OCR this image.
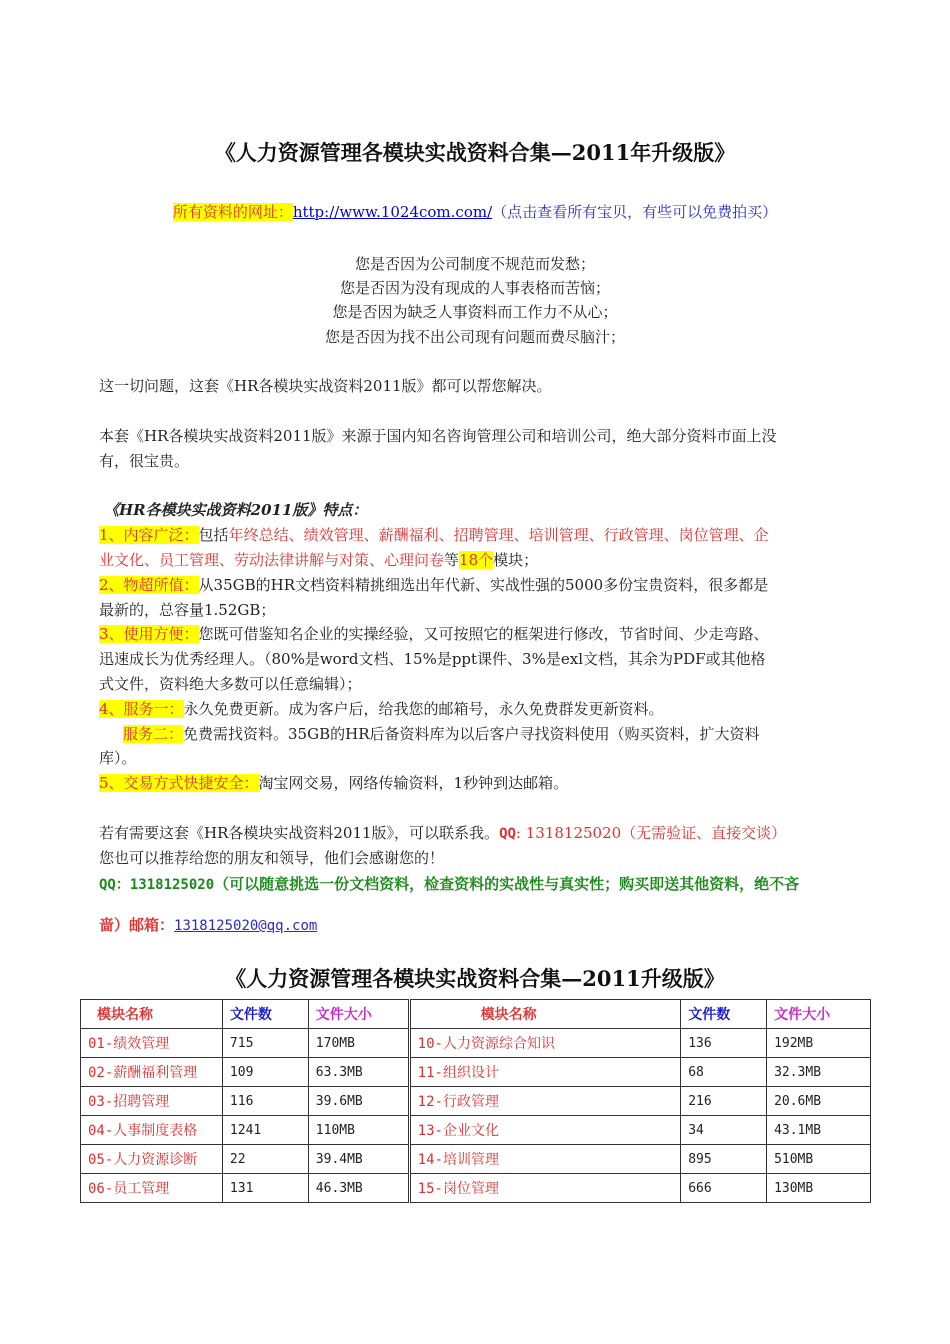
《人力资源管理各模块实战资料合集—2011年升级版》
所有资料的网址：http://www.1024com.com/（点击查看所有宝贝，有些可以免费拍买）
您是否因为公司制度不规范而发愁；
您是否因为没有现成的人事表格而苦恼；
您是否因为缺乏人事资料而工作力不从心；
您是否因为找不出公司现有问题而费尽脑汁；
这一切问题，这套《HR各模块实战资料2011版》都可以帮您解决。
本套《HR各模块实战资料2011版》来源于国内知名咨询管理公司和培训公司，绝大部分资料市面上没
有，很宝贵。
《HR各模块实战资料2011版》特点：
1、内容广泛：包括年终总结、绩效管理、薪酬福利、招聘管理、培训管理、行政管理、岗位管理、企
业文化、员工管理、劳动法律讲解与对策、心理问卷等18个模块；
2、物超所值：从35GB的HR文档资料精挑细选出年代新、实战性强的5000多份宝贵资料，很多都是
最新的，总容量1.52GB；
3、使用方便：您既可借鉴知名企业的实操经验，又可按照它的框架进行修改，节省时间、少走弯路、
迅速成长为优秀经理人。（80%是word文档、15%是ppt课件、3%是exl文档，其余为PDF或其他格
式文件，资料绝大多数可以任意编辑）；
4、服务一：永久免费更新。成为客户后，给我您的邮箱号，永久免费群发更新资料。
服务二：免费需找资料。35GB的HR后备资料库为以后客户寻找资料使用（购买资料，扩大资料
库）。
5、交易方式快捷安全：淘宝网交易，网络传输资料，1秒钟到达邮箱。
若有需要这套《HR各模块实战资料2011版》，可以联系我。QQ: 1318125020（无需验证、直接交谈）
您也可以推荐给您的朋友和领导，他们会感谢您的！
QQ：1318125020（可以随意挑选一份文档资料，检查资料的实战性与真实性；购买即送其他资料，绝不吝
啬）邮箱：1318125020@qq.com
《人力资源管理各模块实战资料合集—2011升级版》
模块名称	文件数	文件大小	模块名称	文件数	文件大小
01-绩效管理	715	170MB	10-人力资源综合知识	136	192MB
02-薪酬福利管理	109	63.3MB	11-组织设计	68	32.3MB
03-招聘管理	116	39.6MB	12-行政管理	216	20.6MB
04-人事制度表格	1241	110MB	13-企业文化	34	43.1MB
05-人力资源诊断	22	39.4MB	14-培训管理	895	510MB
06-员工管理	131	46.3MB	15-岗位管理	666	130MB
